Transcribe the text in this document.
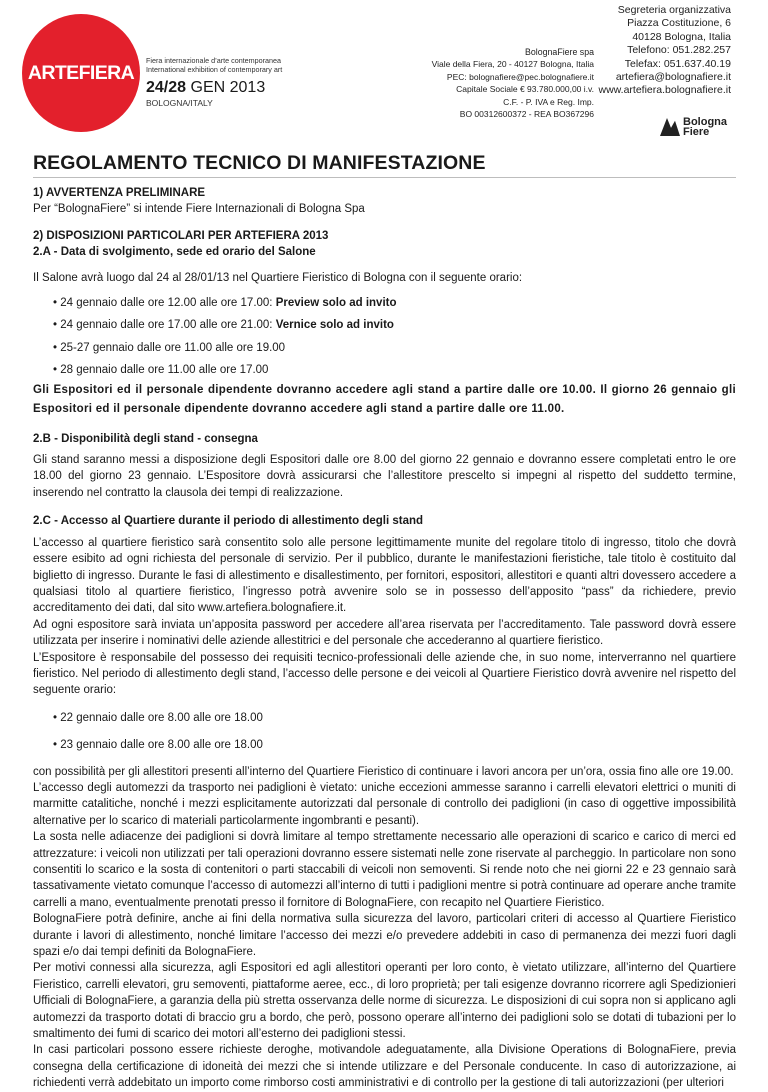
ARTEFIERA
Fiera internazionale d’arte contemporanea
International exhibition of contemporary art
24/28 GEN 2013
BOLOGNA/ITALY
BolognaFiere spa
Viale della Fiera, 20 - 40127 Bologna, Italia
PEC: bolognafiere@pec.bolognafiere.it
Capitale Sociale € 93.780.000,00 i.v.
C.F. - P. IVA e Reg. Imp.
BO 00312600372 - REA BO367296
Segreteria organizzativa
Piazza Costituzione, 6
40128 Bologna, Italia
Telefono: 051.282.257
Telefax: 051.637.40.19
artefiera@bolognafiere.it
www.artefiera.bolognafiere.it
Bologna
Fiere
REGOLAMENTO TECNICO DI MANIFESTAZIONE
1) AVVERTENZA PRELIMINARE
Per “BolognaFiere” si intende Fiere Internazionali di Bologna Spa
2) DISPOSIZIONI PARTICOLARI PER ARTEFIERA 2013
2.A - Data di svolgimento, sede ed orario del Salone
Il Salone avrà luogo dal 24 al 28/01/13 nel Quartiere Fieristico di Bologna con il seguente orario:
• 24 gennaio dalle ore 12.00 alle ore 17.00: Preview solo ad invito
• 24 gennaio dalle ore 17.00 alle ore 21.00: Vernice solo ad invito
• 25-27 gennaio dalle ore 11.00 alle ore 19.00
• 28 gennaio dalle ore 11.00 alle ore 17.00
Gli Espositori ed il personale dipendente dovranno accedere agli stand a partire dalle ore 10.00. Il giorno 26 gennaio gli Espositori ed il personale dipendente dovranno accedere agli stand a partire dalle ore 11.00.
2.B - Disponibilità degli stand - consegna
Gli stand saranno messi a disposizione degli Espositori dalle ore 8.00 del giorno 22 gennaio e dovranno essere completati entro le ore 18.00 del giorno 23 gennaio. L’Espositore dovrà assicurarsi che l’allestitore prescelto si impegni al rispetto del suddetto termine, inserendo nel contratto la clausola dei tempi di realizzazione.
2.C - Accesso al Quartiere durante il periodo di allestimento degli stand
L’accesso al quartiere fieristico sarà consentito solo alle persone legittimamente munite del regolare titolo di ingresso, titolo che dovrà essere esibito ad ogni richiesta del personale di servizio. Per il pubblico, durante le manifestazioni fieristiche, tale titolo è costituito dal biglietto di ingresso. Durante le fasi di allestimento e disallestimento, per fornitori, espositori, allestitori e quanti altri dovessero accedere a qualsiasi titolo al quartiere fieristico, l’ingresso potrà avvenire solo se in possesso dell’apposito “pass” da richiedere, previo accreditamento dei dati, dal sito www.artefiera.bolognafiere.it.
Ad ogni espositore sarà inviata un’apposita password per accedere all’area riservata per l’accreditamento. Tale password dovrà essere utilizzata per inserire i nominativi delle aziende allestitrici e del personale che accederanno al quartiere fieristico.
L’Espositore è responsabile del possesso dei requisiti tecnico-professionali delle aziende che, in suo nome, interverranno nel quartiere fieristico. Nel periodo di allestimento degli stand, l’accesso delle persone e dei veicoli al Quartiere Fieristico dovrà avvenire nel rispetto del seguente orario:
• 22 gennaio dalle ore 8.00 alle ore 18.00
• 23 gennaio dalle ore 8.00 alle ore 18.00
con possibilità per gli allestitori presenti all’interno del Quartiere Fieristico di continuare i lavori ancora per un’ora, ossia fino alle ore 19.00.
L’accesso degli automezzi da trasporto nei padiglioni è vietato: uniche eccezioni ammesse saranno i carrelli elevatori elettrici o muniti di marmitte catalitiche, nonché i mezzi esplicitamente autorizzati dal personale di controllo dei padiglioni (in caso di oggettive impossibilità alternative per lo scarico di materiali particolarmente ingombranti e pesanti).
La sosta nelle adiacenze dei padiglioni si dovrà limitare al tempo strettamente necessario alle operazioni di scarico e carico di merci ed attrezzature: i veicoli non utilizzati per tali operazioni dovranno essere sistemati nelle zone riservate al parcheggio. In particolare non sono consentiti lo scarico e la sosta di contenitori o parti staccabili di veicoli non semoventi. Si rende noto che nei giorni 22 e 23 gennaio sarà tassativamente vietato comunque l’accesso di automezzi all’interno di tutti i padiglioni mentre si potrà continuare ad operare anche tramite carrelli a mano, eventualmente prenotati presso il fornitore di BolognaFiere, con recapito nel Quartiere Fieristico.
BolognaFiere potrà definire, anche ai fini della normativa sulla sicurezza del lavoro, particolari criteri di accesso al Quartiere Fieristico durante i lavori di allestimento, nonché limitare l’accesso dei mezzi e/o prevedere addebiti in caso di permanenza dei mezzi fuori dagli spazi e/o dai tempi definiti da BolognaFiere.
Per motivi connessi alla sicurezza, agli Espositori ed agli allestitori operanti per loro conto, è vietato utilizzare, all’interno del Quartiere Fieristico, carrelli elevatori, gru semoventi, piattaforme aeree, ecc., di loro proprietà; per tali esigenze dovranno ricorrere agli Spedizionieri Ufficiali di BolognaFiere, a garanzia della più stretta osservanza delle norme di sicurezza. Le disposizioni di cui sopra non si applicano agli automezzi da trasporto dotati di braccio gru a bordo, che però, possono operare all’interno dei padiglioni solo se dotati di tubazioni per lo smaltimento dei fumi di scarico dei motori all’esterno dei padiglioni stessi.
In casi particolari possono essere richieste deroghe, motivandole adeguatamente, alla Divisione Operations di BolognaFiere, previa consegna della certificazione di idoneità dei mezzi che si intende utilizzare e del Personale conducente. In caso di autorizzazione, ai richiedenti verrà addebitato un importo come rimborso costi amministrativi e di controllo per la gestione di tali autorizzazioni (per ulteriori
